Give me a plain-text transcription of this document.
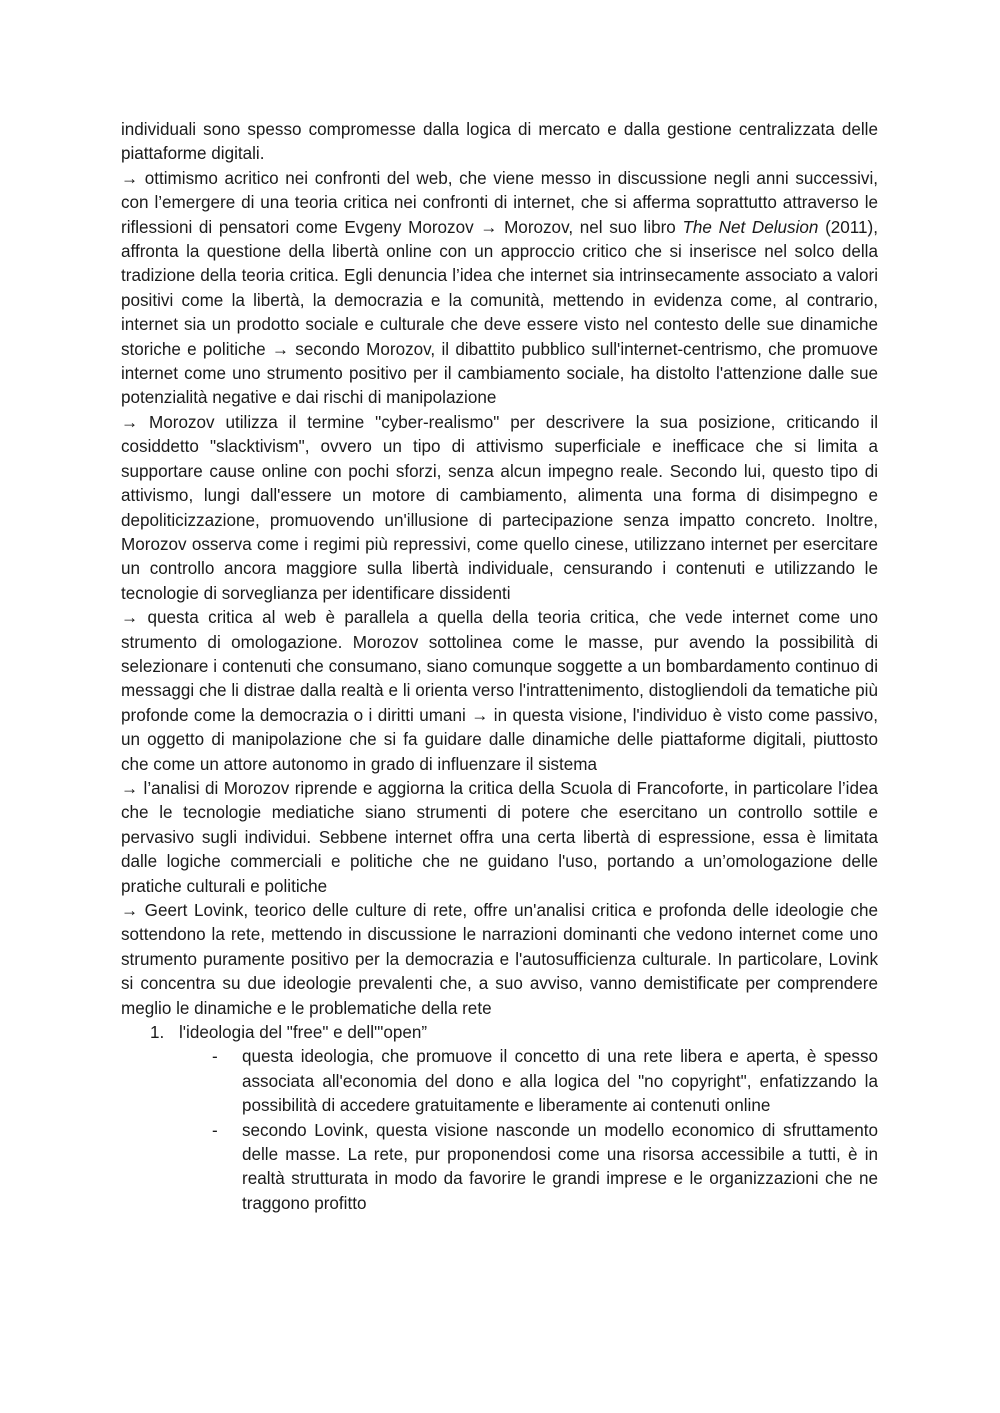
individuali sono spesso compromesse dalla logica di mercato e dalla gestione centralizzata delle piattaforme digitali.

→ ottimismo acritico nei confronti del web, che viene messo in discussione negli anni successivi, con l’emergere di una teoria critica nei confronti di internet, che si afferma soprattutto attraverso le riflessioni di pensatori come Evgeny Morozov → Morozov, nel suo libro The Net Delusion (2011), affronta la questione della libertà online con un approccio critico che si inserisce nel solco della tradizione della teoria critica. Egli denuncia l’idea che internet sia intrinsecamente associato a valori positivi come la libertà, la democrazia e la comunità, mettendo in evidenza come, al contrario, internet sia un prodotto sociale e culturale che deve essere visto nel contesto delle sue dinamiche storiche e politiche → secondo Morozov, il dibattito pubblico sull'internet-centrismo, che promuove internet come uno strumento positivo per il cambiamento sociale, ha distolto l'attenzione dalle sue potenzialità negative e dai rischi di manipolazione

→ Morozov utilizza il termine "cyber-realismo" per descrivere la sua posizione, criticando il cosiddetto "slacktivism", ovvero un tipo di attivismo superficiale e inefficace che si limita a supportare cause online con pochi sforzi, senza alcun impegno reale. Secondo lui, questo tipo di attivismo, lungi dall'essere un motore di cambiamento, alimenta una forma di disimpegno e depoliticizzazione, promuovendo un'illusione di partecipazione senza impatto concreto. Inoltre, Morozov osserva come i regimi più repressivi, come quello cinese, utilizzano internet per esercitare un controllo ancora maggiore sulla libertà individuale, censurando i contenuti e utilizzando le tecnologie di sorveglianza per identificare dissidenti

→ questa critica al web è parallela a quella della teoria critica, che vede internet come uno strumento di omologazione. Morozov sottolinea come le masse, pur avendo la possibilità di selezionare i contenuti che consumano, siano comunque soggette a un bombardamento continuo di messaggi che li distrae dalla realtà e li orienta verso l'intrattenimento, distogliendoli da tematiche più profonde come la democrazia o i diritti umani → in questa visione, l'individuo è visto come passivo, un oggetto di manipolazione che si fa guidare dalle dinamiche delle piattaforme digitali, piuttosto che come un attore autonomo in grado di influenzare il sistema

→ l’analisi di Morozov riprende e aggiorna la critica della Scuola di Francoforte, in particolare l’idea che le tecnologie mediatiche siano strumenti di potere che esercitano un controllo sottile e pervasivo sugli individui. Sebbene internet offra una certa libertà di espressione, essa è limitata dalle logiche commerciali e politiche che ne guidano l'uso, portando a un’omologazione delle pratiche culturali e politiche

→ Geert Lovink, teorico delle culture di rete, offre un'analisi critica e profonda delle ideologie che sottendono la rete, mettendo in discussione le narrazioni dominanti che vedono internet come uno strumento puramente positivo per la democrazia e l'autosufficienza culturale. In particolare, Lovink si concentra su due ideologie prevalenti che, a suo avviso, vanno demistificate per comprendere meglio le dinamiche e le problematiche della rete

1. l'ideologia del "free" e dell'"open”

- questa ideologia, che promuove il concetto di una rete libera e aperta, è spesso associata all'economia del dono e alla logica del "no copyright", enfatizzando la possibilità di accedere gratuitamente e liberamente ai contenuti online

- secondo Lovink, questa visione nasconde un modello economico di sfruttamento delle masse. La rete, pur proponendosi come una risorsa accessibile a tutti, è in realtà strutturata in modo da favorire le grandi imprese e le organizzazioni che ne traggono profitto
